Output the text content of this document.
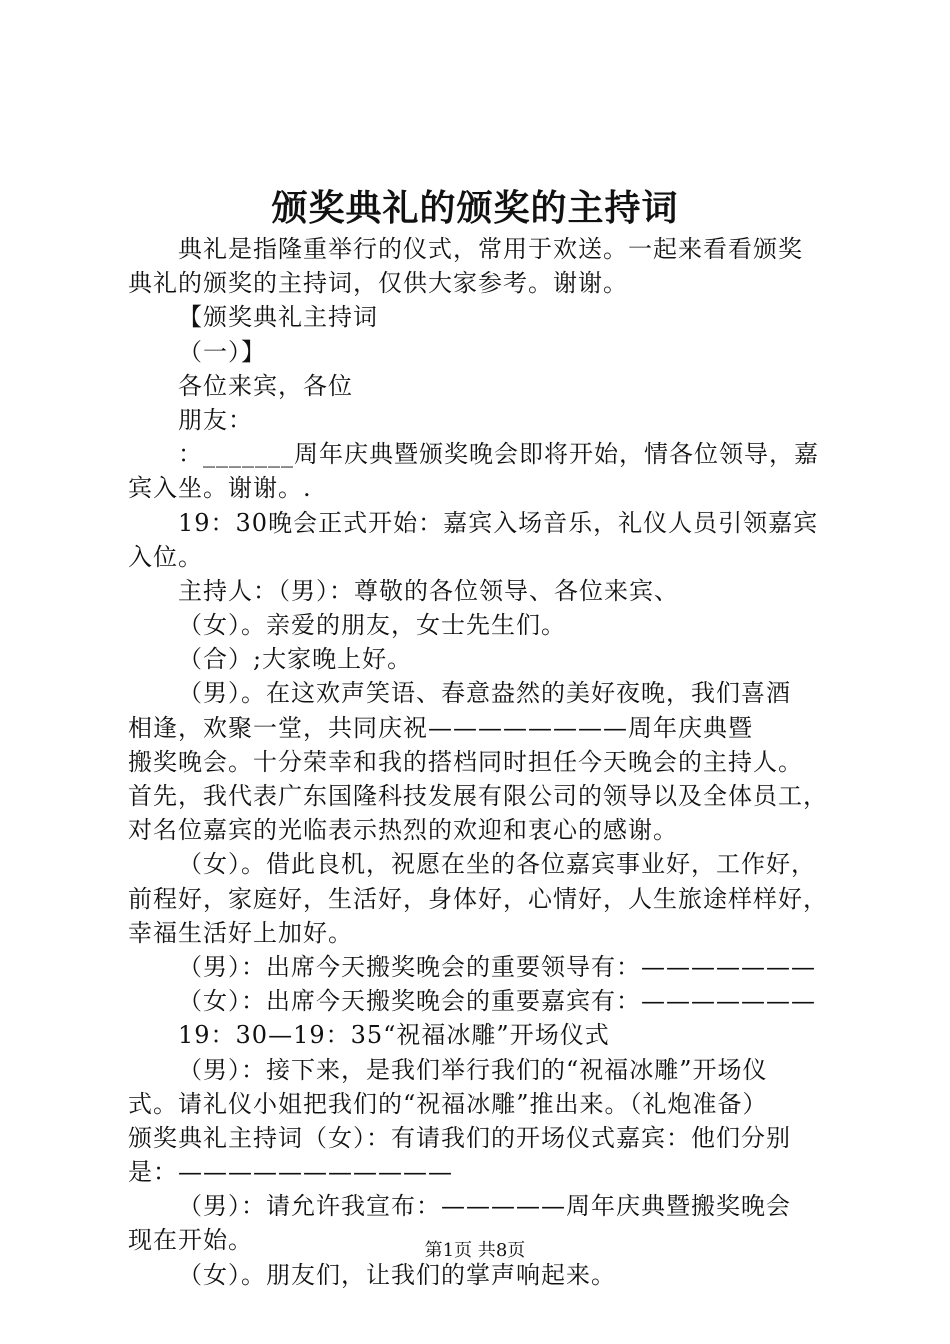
颁奖典礼的颁奖的主持词
典礼是指隆重举行的仪式，常用于欢送。一起来看看颁奖
典礼的颁奖的主持词，仅供大家参考。谢谢。
【颁奖典礼主持词
（一）】
各位来宾，各位
朋友：
：_______周年庆典暨颁奖晚会即将开始，情各位领导，嘉
宾入坐。谢谢。.
19：30晚会正式开始：嘉宾入场音乐，礼仪人员引领嘉宾
入位。
主持人：（男）：尊敬的各位领导、各位来宾、
（女）。亲爱的朋友，女士先生们。
（合）;大家晚上好。
（男）。在这欢声笑语、春意盎然的美好夜晚，我们喜酒
相逢，欢聚一堂，共同庆祝————————周年庆典暨
搬奖晚会。十分荣幸和我的搭档同时担任今天晚会的主持人。
首先，我代表广东国隆科技发展有限公司的领导以及全体员工，
对名位嘉宾的光临表示热烈的欢迎和衷心的感谢。
（女）。借此良机，祝愿在坐的各位嘉宾事业好，工作好，
前程好，家庭好，生活好，身体好，心情好，人生旅途样样好，
幸福生活好上加好。
（男）：出席今天搬奖晚会的重要领导有：———————
（女）：出席今天搬奖晚会的重要嘉宾有：———————
19：30—19：35“祝福冰雕”开场仪式
（男）：接下来，是我们举行我们的“祝福冰雕”开场仪
式。请礼仪小姐把我们的“祝福冰雕”推出来。（礼炮准备）
颁奖典礼主持词（女）：有请我们的开场仪式嘉宾：他们分别
是：———————————
（男）：请允许我宣布：—————周年庆典暨搬奖晚会
现在开始。
（女）。朋友们，让我们的掌声响起来。
第1页 共8页
